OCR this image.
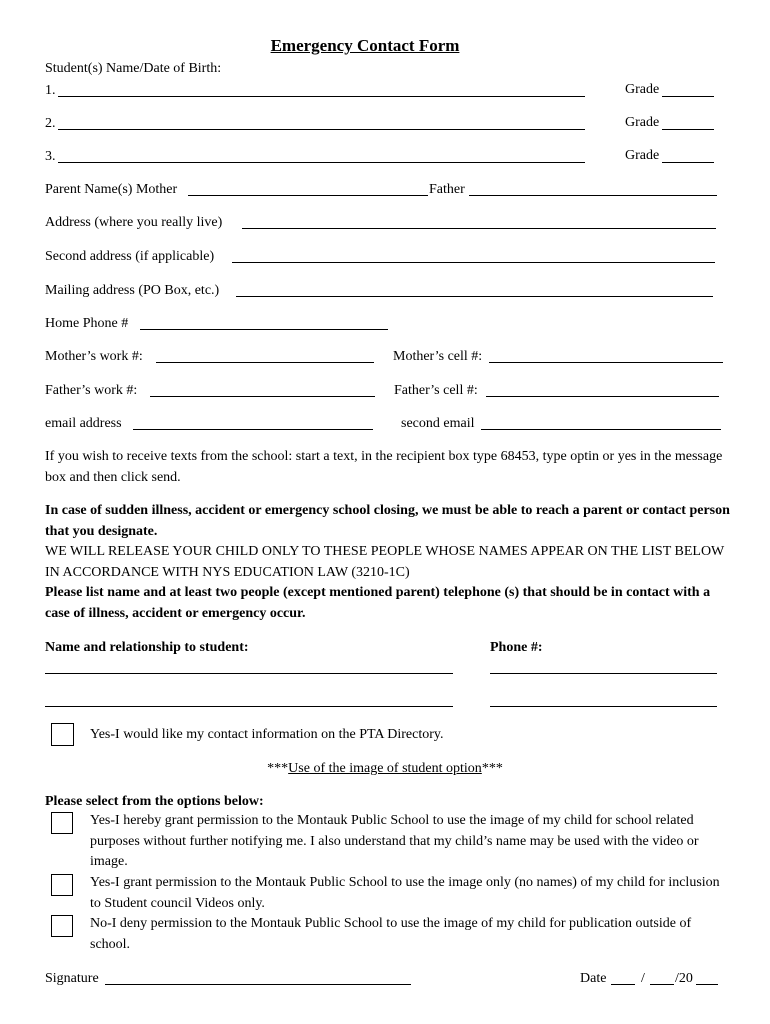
Emergency Contact Form
Student(s) Name/Date of Birth:
1.	Grade
2.	Grade
3.	Grade
Parent Name(s) Mother	Father
Address (where you really live)
Second address (if applicable)
Mailing address (PO Box, etc.)
Home Phone #
Mother’s work #:	Mother’s cell #:
Father’s work #:	Father’s cell #:
email address	second email
If you wish to receive texts from the school: start a text, in the recipient box type 68453, type optin or yes in the message box and then click send.
In case of sudden illness, accident or emergency school closing, we must be able to reach a parent or contact person that you designate.
WE WILL RELEASE YOUR CHILD ONLY TO THESE PEOPLE WHOSE NAMES APPEAR ON THE LIST BELOW IN ACCORDANCE WITH NYS EDUCATION LAW (3210-1C)
Please list name and at least two people (except mentioned parent) telephone (s) that should be in contact with a case of illness, accident or emergency occur.
Name and relationship to student:	Phone #:
Yes-I would like my contact information on the PTA Directory.
***Use of the image of student option***
Please select from the options below:
Yes-I hereby grant permission to the Montauk Public School to use the image of my child for school related purposes without further notifying me. I also understand that my child’s name may be used with the video or image.
Yes-I grant permission to the Montauk Public School to use the image only (no names) of my child for inclusion to Student council Videos only.
No-I deny permission to the Montauk Public School to use the image of my child for publication outside of school.
Signature	Date / /20
